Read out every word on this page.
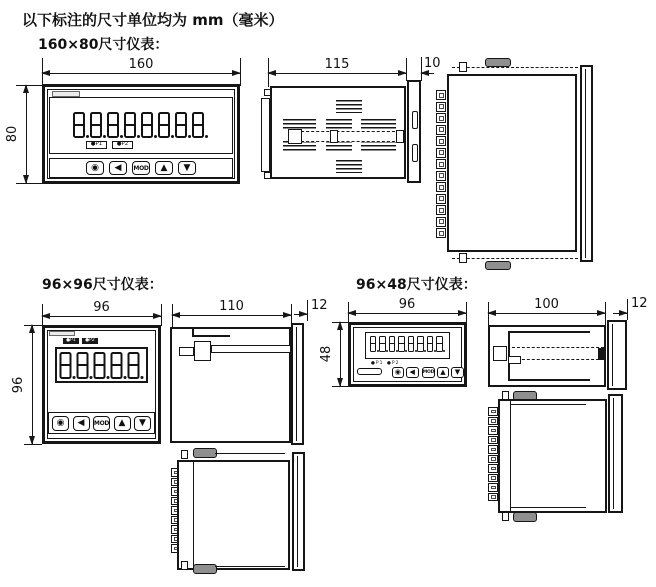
以下标注的尺寸单位均为 mm（毫米）
160×80尺寸仪表：
96×96尺寸仪表：	96×48尺寸仪表：
160
80
●P1	●P2
◉	◀	MOD	▲	▼
115	10
96
96
●P1	●P2
◉	◀	MOD	▲	▼
110	12	96
48
●P1 ●P2
◉	◀	MOD ▲	▼
100	12
